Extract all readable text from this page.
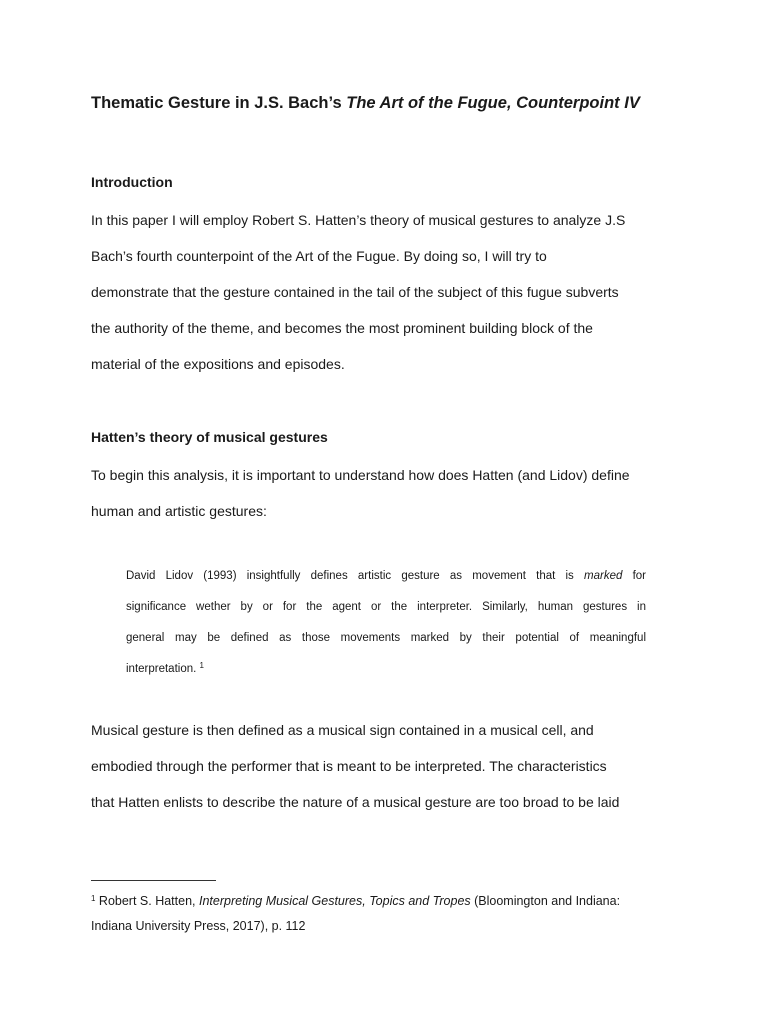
Thematic Gesture in J.S. Bach’s The Art of the Fugue, Counterpoint IV
Introduction
In this paper I will employ Robert S. Hatten’s theory of musical gestures to analyze J.S
Bach’s fourth counterpoint of the Art of the Fugue. By doing so, I will try to
demonstrate that the gesture contained in the tail of the subject of this fugue subverts
the authority of the theme, and becomes the most prominent building block of the
material of the expositions and episodes.
Hatten’s theory of musical gestures
To begin this analysis, it is important to understand how does Hatten (and Lidov) define
human and artistic gestures:
David Lidov (1993) insightfully defines artistic gesture as movement that is marked for
significance wether by or for the agent or the interpreter. Similarly, human gestures in
general may be defined as those movements marked by their potential of meaningful
interpretation. $^1$
Musical gesture is then defined as a musical sign contained in a musical cell, and
embodied through the performer that is meant to be interpreted. The characteristics
that Hatten enlists to describe the nature of a musical gesture are too broad to be laid
$^1$ Robert S. Hatten, Interpreting Musical Gestures, Topics and Tropes (Bloomington and Indiana:
Indiana University Press, 2017), p. 112
